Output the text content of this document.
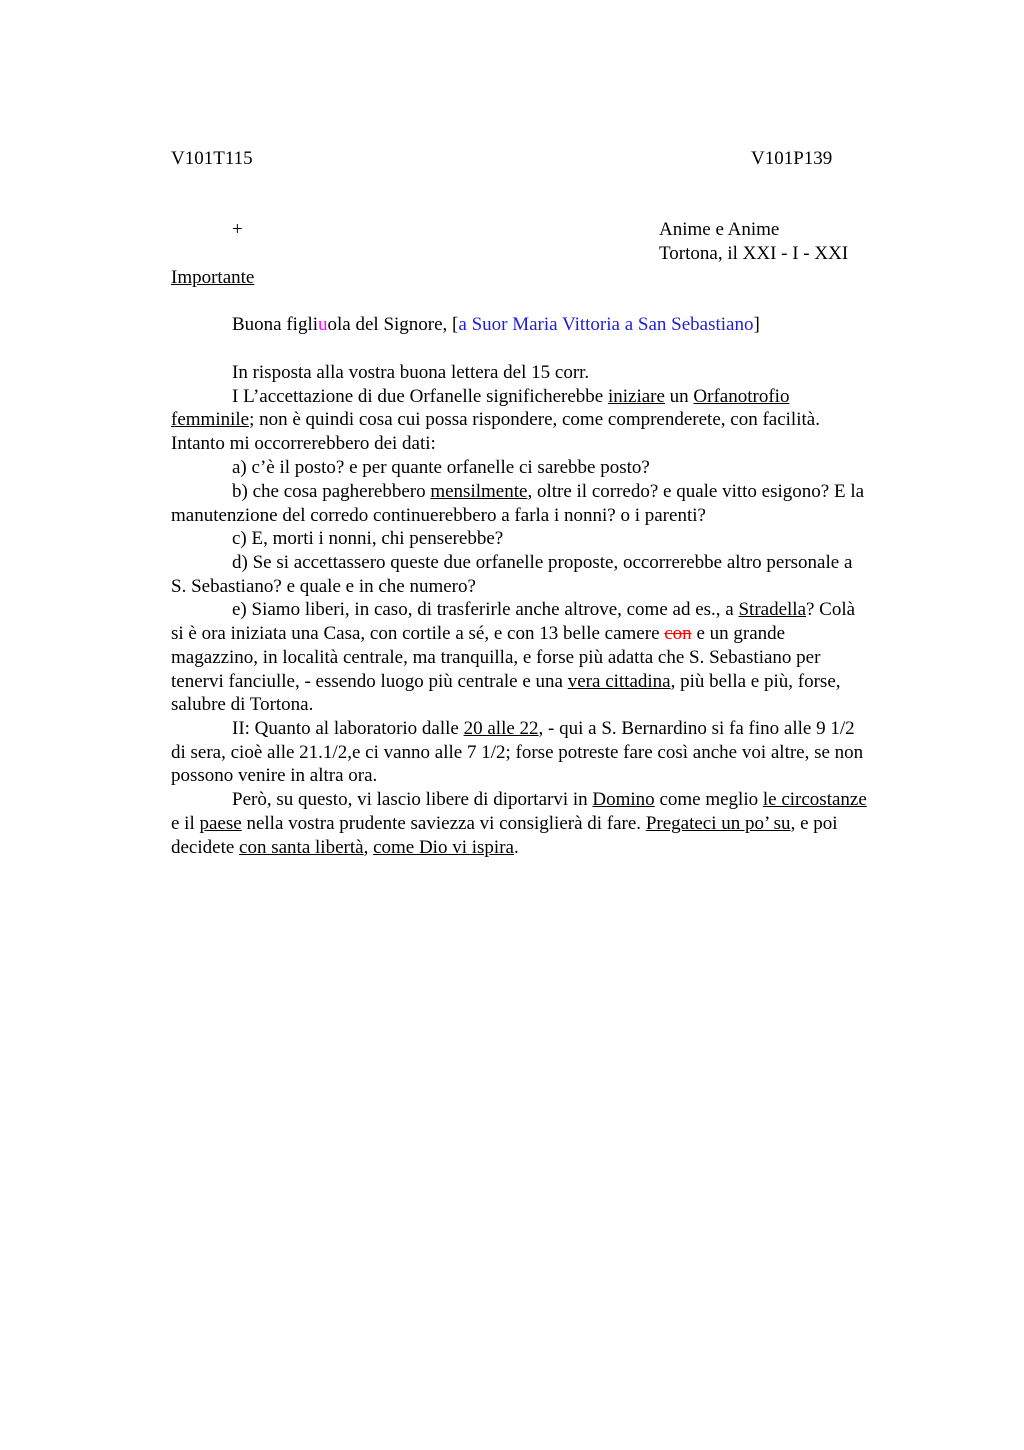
V101T115	V101P139
+	Anime e Anime
Tortona, il XXI - I - XXI
Importante
Buona figliuola del Signore, [a Suor Maria Vittoria a San Sebastiano]
In risposta alla vostra buona lettera del 15 corr.
I L’accettazione di due Orfanelle significherebbe iniziare un Orfanotrofio
femminile; non è quindi cosa cui possa rispondere, come comprenderete, con facilità.
Intanto mi occorrerebbero dei dati:
a) c’è il posto? e per quante orfanelle ci sarebbe posto?
b) che cosa pagherebbero mensilmente, oltre il corredo? e quale vitto esigono? E la
manutenzione del corredo continuerebbero a farla i nonni? o i parenti?
c) E, morti i nonni, chi penserebbe?
d) Se si accettassero queste due orfanelle proposte, occorrerebbe altro personale a
S. Sebastiano? e quale e in che numero?
e) Siamo liberi, in caso, di trasferirle anche altrove, come ad es., a Stradella? Colà
si è ora iniziata una Casa, con cortile a sé, e con 13 belle camere con e un grande
magazzino, in località centrale, ma tranquilla, e forse più adatta che S. Sebastiano per
tenervi fanciulle, - essendo luogo più centrale e una vera cittadina, più bella e più, forse,
salubre di Tortona.
II: Quanto al laboratorio dalle 20 alle 22, - qui a S. Bernardino si fa fino alle 9 1/2
di sera, cioè alle 21.1/2,e ci vanno alle 7 1/2; forse potreste fare così anche voi altre, se non
possono venire in altra ora.
Però, su questo, vi lascio libere di diportarvi in Domino come meglio le circostanze
e il paese nella vostra prudente saviezza vi consiglierà di fare. Pregateci un po’ su, e poi
decidete con santa libertà, come Dio vi ispira.
